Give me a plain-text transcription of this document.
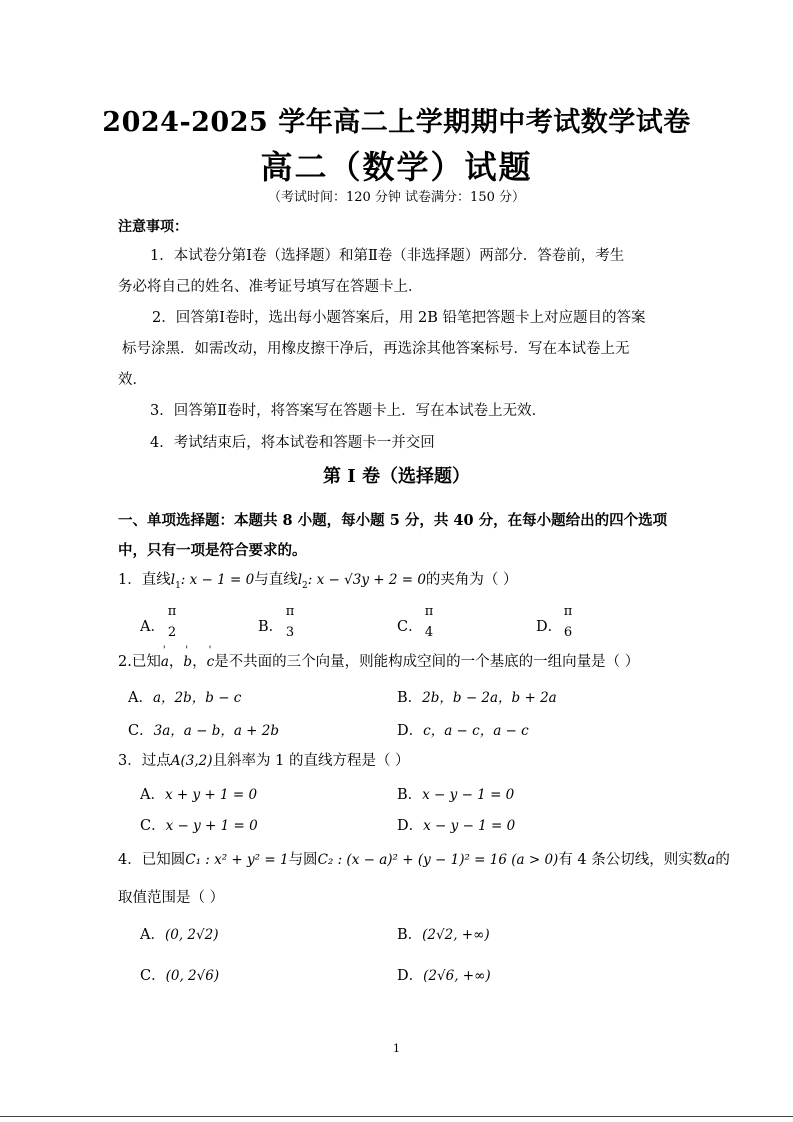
2024-2025 学年高二上学期期中考试数学试卷
高二（数学）试题
（考试时间：120 分钟 试卷满分：150 分）
注意事项：
1．本试卷分第Ⅰ卷（选择题）和第Ⅱ卷（非选择题）两部分．答卷前，考生
务必将自己的姓名、准考证号填写在答题卡上．
2．回答第Ⅰ卷时，选出每小题答案后，用 2B 铅笔把答题卡上对应题目的答案
标号涂黑．如需改动，用橡皮擦干净后，再选涂其他答案标号．写在本试卷上无
效．
3．回答第Ⅱ卷时，将答案写在答题卡上．写在本试卷上无效．
4．考试结束后，将本试卷和答题卡一并交回
第 I 卷（选择题）
一、单项选择题：本题共 8 小题，每小题 5 分，共 40 分，在每小题给出的四个选项
中，只有一项是符合要求的。
1．直线$l_1$: x − 1 = 0与直线$l_2$: x − √3y + 2 = 0的夹角为（ ）
A．
π
2	B．
π
3	C．
π
4	D．
π
6
2.已知' a，' b，' c是不共面的三个向量，则能构成空间的一个基底的一组向量是（ ）
A．a，2b，b − c	B．2b，b − 2a，b + 2a
C．3a，a − b，a + 2b	D．c，a − c，a − c
3．过点A(3,2)且斜率为 1 的直线方程是（ ）
A．x + y + 1 = 0	B．x − y − 1 = 0
C．x − y + 1 = 0	D．x − y − 1 = 0
4．已知圆C₁ : x² + y² = 1与圆C₂ : (x − a)² + (y − 1)² = 16 (a > 0)有 4 条公切线，则实数a的
取值范围是（ ）
A．(0, 2√2)	B．(2√2, +∞)
C．(0, 2√6)	D．(2√6, +∞)
1
